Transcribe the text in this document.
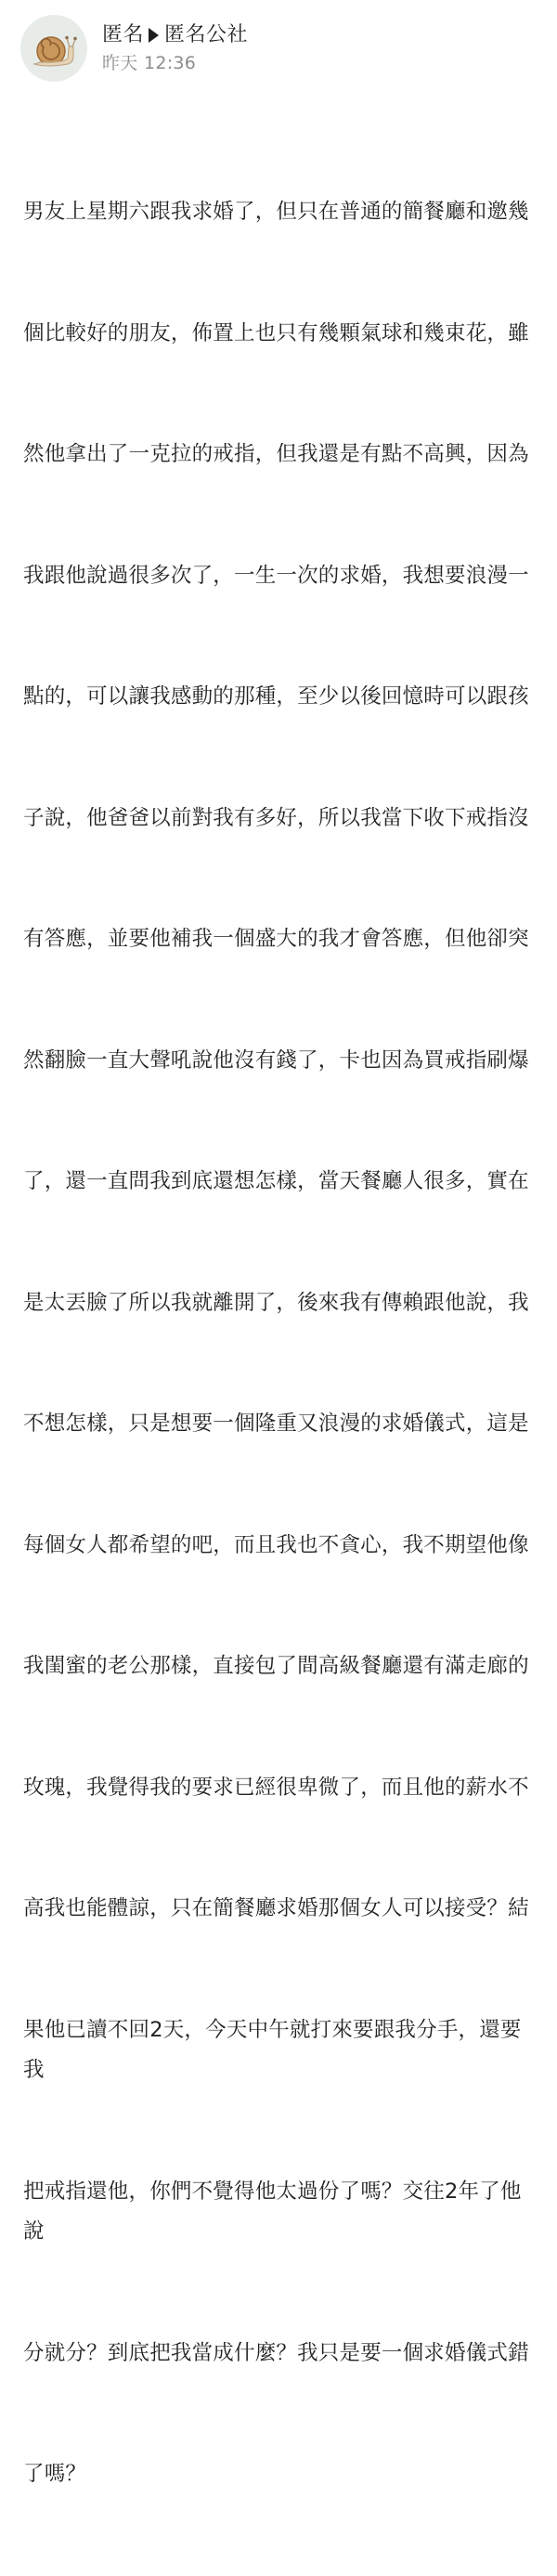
匿名 匿名公社
昨天 12:36

男友上星期六跟我求婚了，但只在普通的簡餐廳和邀幾

個比較好的朋友，佈置上也只有幾顆氣球和幾束花，雖

然他拿出了一克拉的戒指，但我還是有點不高興，因為

我跟他說過很多次了，一生一次的求婚，我想要浪漫一

點的，可以讓我感動的那種，至少以後回憶時可以跟孩

子說，他爸爸以前對我有多好，所以我當下收下戒指沒

有答應，並要他補我一個盛大的我才會答應，但他卻突

然翻臉一直大聲吼說他沒有錢了，卡也因為買戒指刷爆

了，還一直問我到底還想怎樣，當天餐廳人很多，實在

是太丟臉了所以我就離開了，後來我有傳賴跟他說，我

不想怎樣，只是想要一個隆重又浪漫的求婚儀式，這是

每個女人都希望的吧，而且我也不貪心，我不期望他像

我閨蜜的老公那樣，直接包了間高級餐廳還有滿走廊的

玫瑰，我覺得我的要求已經很卑微了，而且他的薪水不

高我也能體諒，只在簡餐廳求婚那個女人可以接受？結

果他已讀不回2天，今天中午就打來要跟我分手，還要我

把戒指還他，你們不覺得他太過份了嗎？交往2年了他說

分就分？到底把我當成什麼？我只是要一個求婚儀式錯

了嗎？
